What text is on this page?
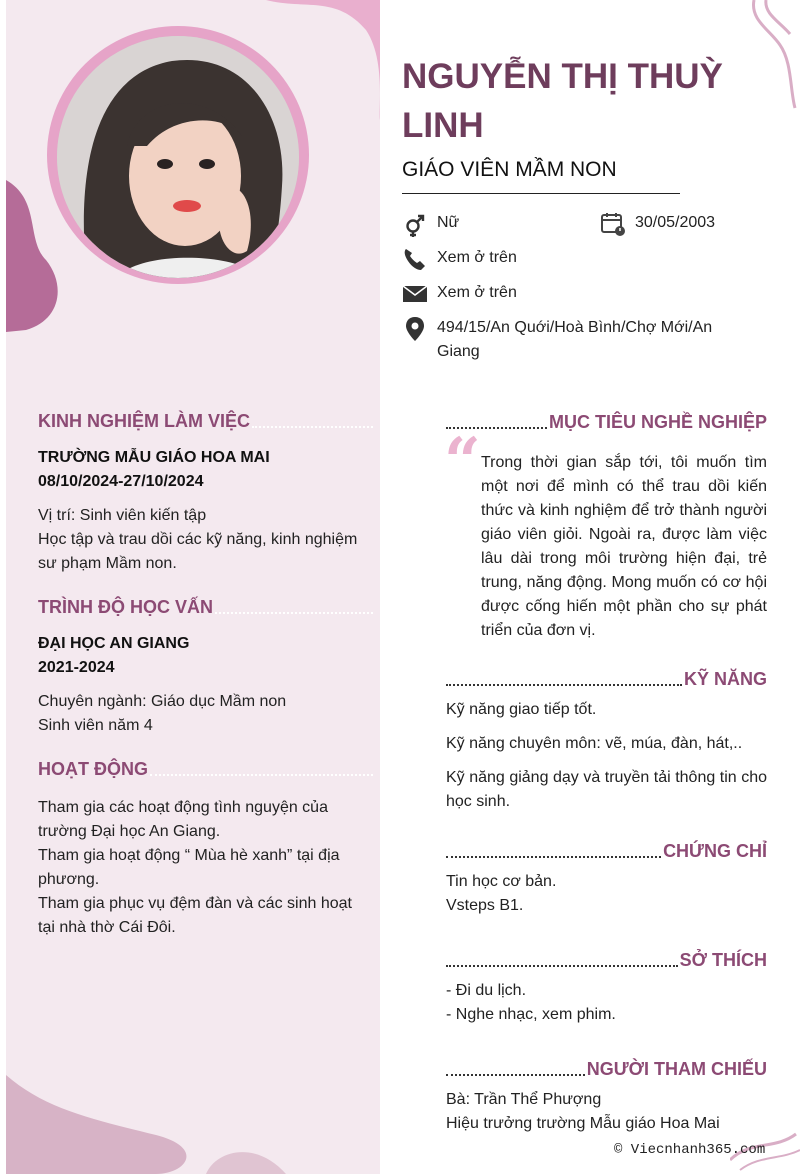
NGUYỄN THỊ THUỲ
LINH
GIÁO VIÊN MẦM NON
Nữ	30/05/2003
Xem ở trên
Xem ở trên
494/15/An Quới/Hoà Bình/Chợ Mới/An Giang
KINH NGHIỆM LÀM VIỆC

TRƯỜNG MẪU GIÁO HOA MAI

08/10/2024-27/10/2024

Vị trí: Sinh viên kiến tập

Học tập và trau dồi các kỹ năng, kinh nghiệm sư phạm Mầm non.

TRÌNH ĐỘ HỌC VẤN

ĐẠI HỌC AN GIANG

2021-2024

Chuyên ngành: Giáo dục Mầm non

Sinh viên năm 4

HOẠT ĐỘNG

Tham gia các hoạt động tình nguyện của trường Đại học An Giang.

Tham gia hoạt động “ Mùa hè xanh” tại địa phương.

Tham gia phục vụ đệm đàn và các sinh hoạt tại nhà thờ Cái Đôi.

MỤC TIÊU NGHỀ NGHIỆP
“ Trong thời gian sắp tới, tôi muốn tìm một nơi để mình có thể trau dồi kiến thức và kinh nghiệm để trở thành người giáo viên giỏi. Ngoài ra, được làm việc lâu dài trong môi trường hiện đại, trẻ trung, năng động. Mong muốn có cơ hội được cống hiến một phần cho sự phát triển của đơn vị.
KỸ NĂNG

Kỹ năng giao tiếp tốt.

Kỹ năng chuyên môn: vẽ, múa, đàn, hát,..

Kỹ năng giảng dạy và truyền tải thông tin cho học sinh.

CHỨNG CHỈ

Tin học cơ bản.

Vsteps B1.

SỞ THÍCH

- Đi du lịch.

- Nghe nhạc, xem phim.

NGƯỜI THAM CHIẾU

Bà: Trần Thể Phượng

Hiệu trưởng trường Mẫu giáo Hoa Mai

© Viecnhanh365.com
